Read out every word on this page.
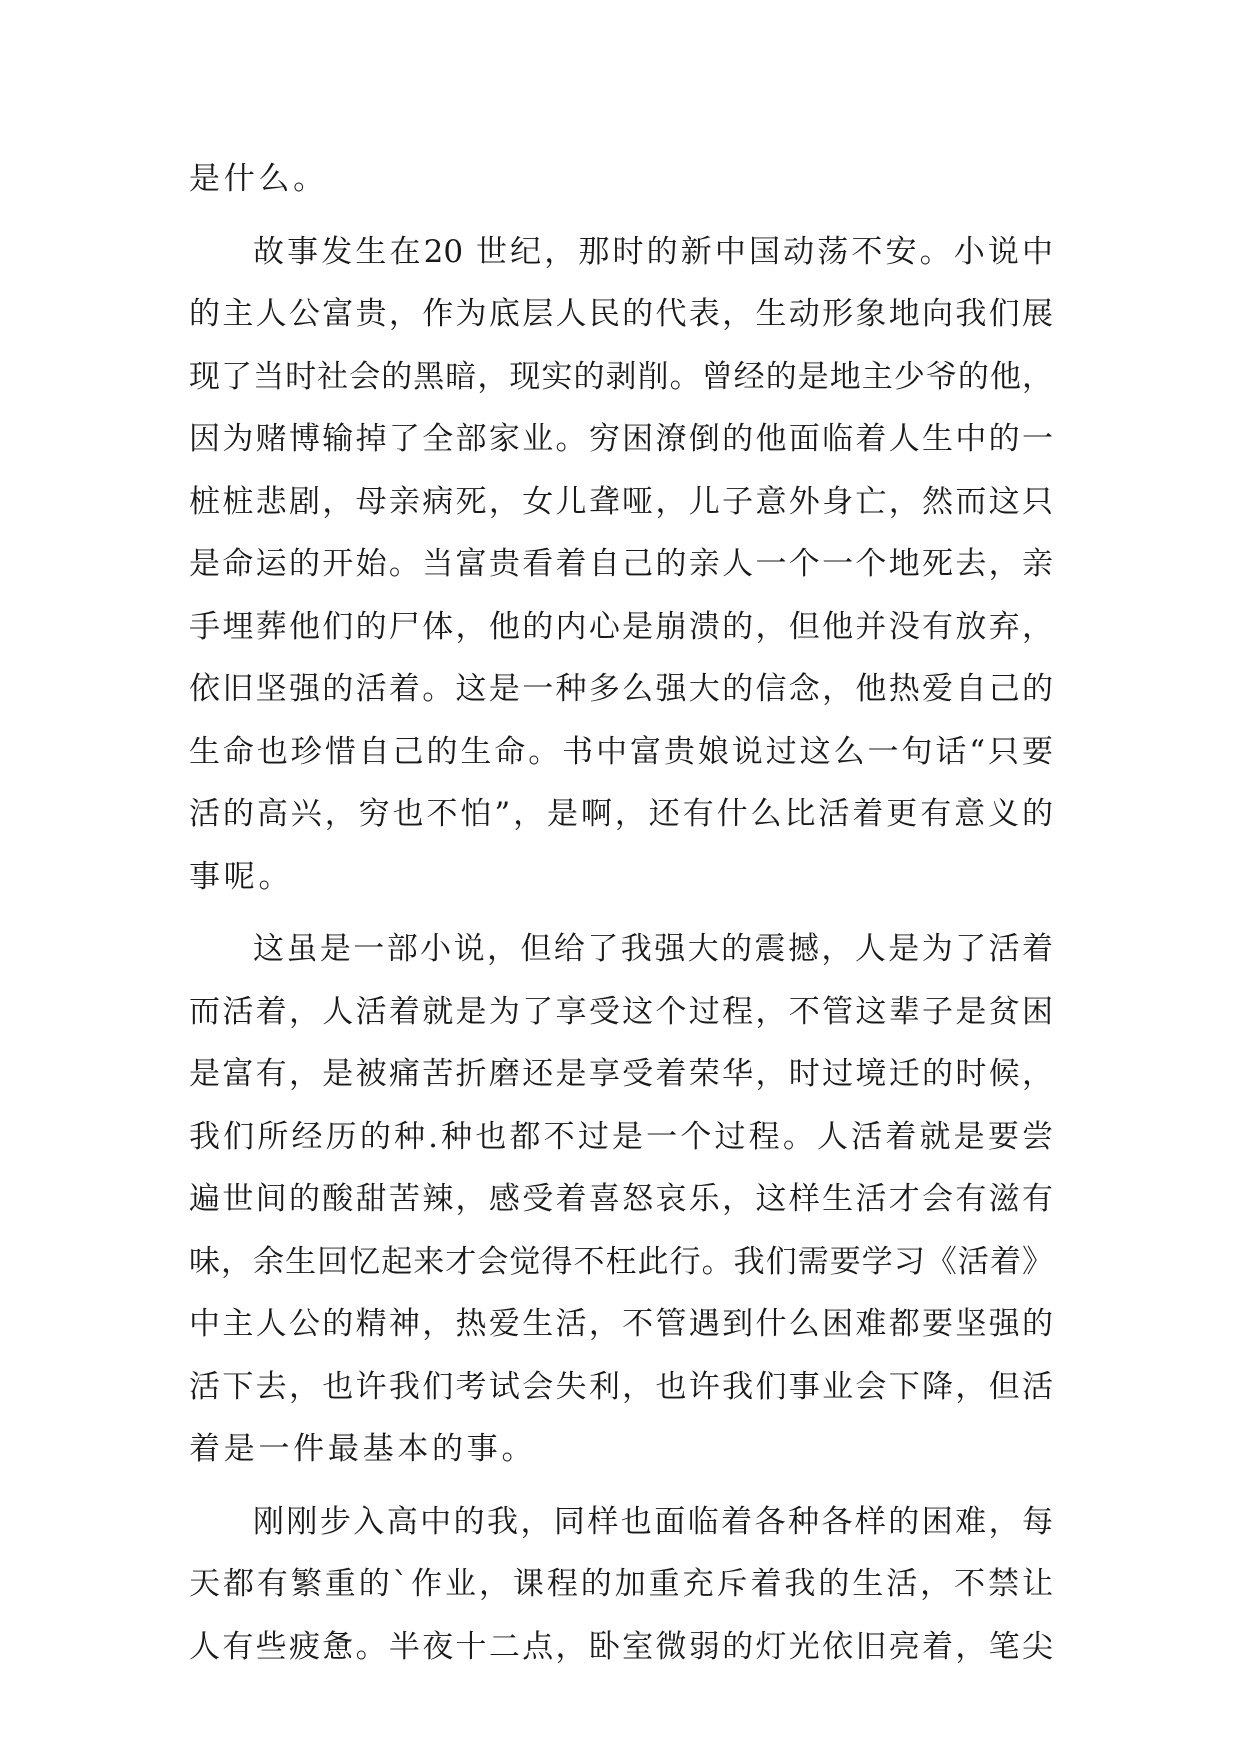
是什么。
故事发生在20 世纪，那时的新中国动荡不安。小说中
的主人公富贵，作为底层人民的代表，生动形象地向我们展
现了当时社会的黑暗，现实的剥削。曾经的是地主少爷的他，
因为赌博输掉了全部家业。穷困潦倒的他面临着人生中的一
桩桩悲剧，母亲病死，女儿聋哑，儿子意外身亡，然而这只
是命运的开始。当富贵看着自己的亲人一个一个地死去，亲
手埋葬他们的尸体，他的内心是崩溃的，但他并没有放弃，
依旧坚强的活着。这是一种多么强大的信念，他热爱自己的
生命也珍惜自己的生命。书中富贵娘说过这么一句话“只要
活的高兴，穷也不怕”，是啊，还有什么比活着更有意义的
事呢。
这虽是一部小说，但给了我强大的震撼，人是为了活着
而活着，人活着就是为了享受这个过程，不管这辈子是贫困
是富有，是被痛苦折磨还是享受着荣华，时过境迁的时候，
我们所经历的种.种也都不过是一个过程。人活着就是要尝
遍世间的酸甜苦辣，感受着喜怒哀乐，这样生活才会有滋有
味，余生回忆起来才会觉得不枉此行。我们需要学习《活着》
中主人公的精神，热爱生活，不管遇到什么困难都要坚强的
活下去，也许我们考试会失利，也许我们事业会下降，但活
着是一件最基本的事。
刚刚步入高中的我，同样也面临着各种各样的困难，每
天都有繁重的`作业，课程的加重充斥着我的生活，不禁让
人有些疲惫。半夜十二点，卧室微弱的灯光依旧亮着，笔尖
